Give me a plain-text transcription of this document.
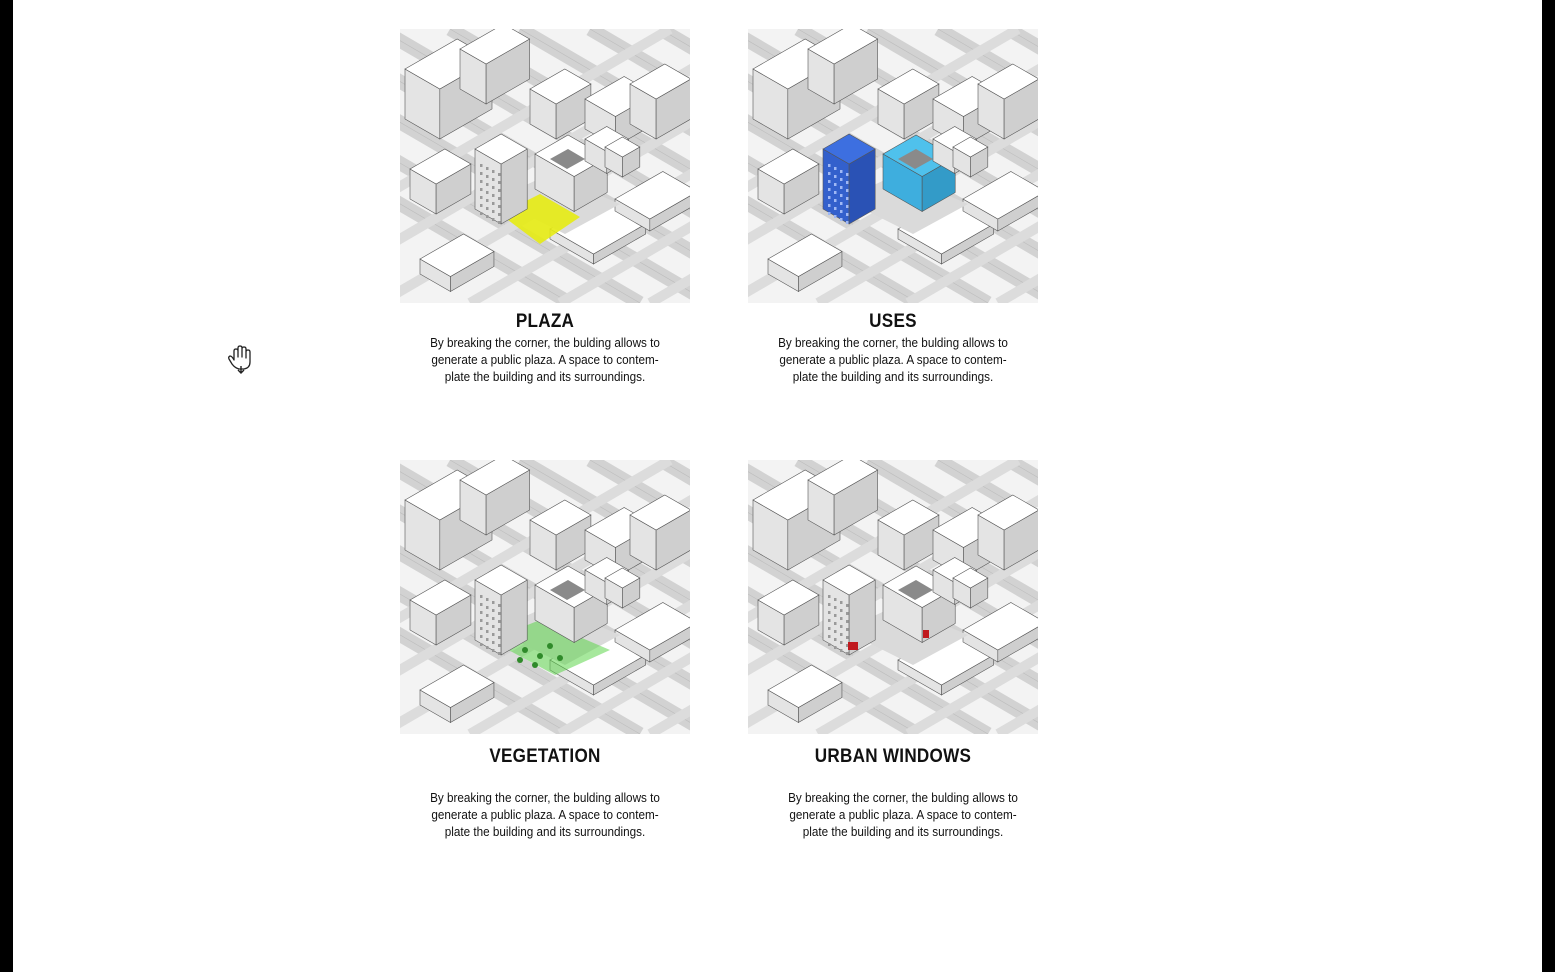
PLAZA
By breaking the corner, the bulding allows to
generate a public plaza. A space to contem-
plate the building and its surroundings.
USES
By breaking the corner, the bulding allows to
generate a public plaza. A space to contem-
plate the building and its surroundings.
VEGETATION
By breaking the corner, the bulding allows to
generate a public plaza. A space to contem-
plate the building and its surroundings.
URBAN WINDOWS
By breaking the corner, the bulding allows to
generate a public plaza. A space to contem-
plate the building and its surroundings.
